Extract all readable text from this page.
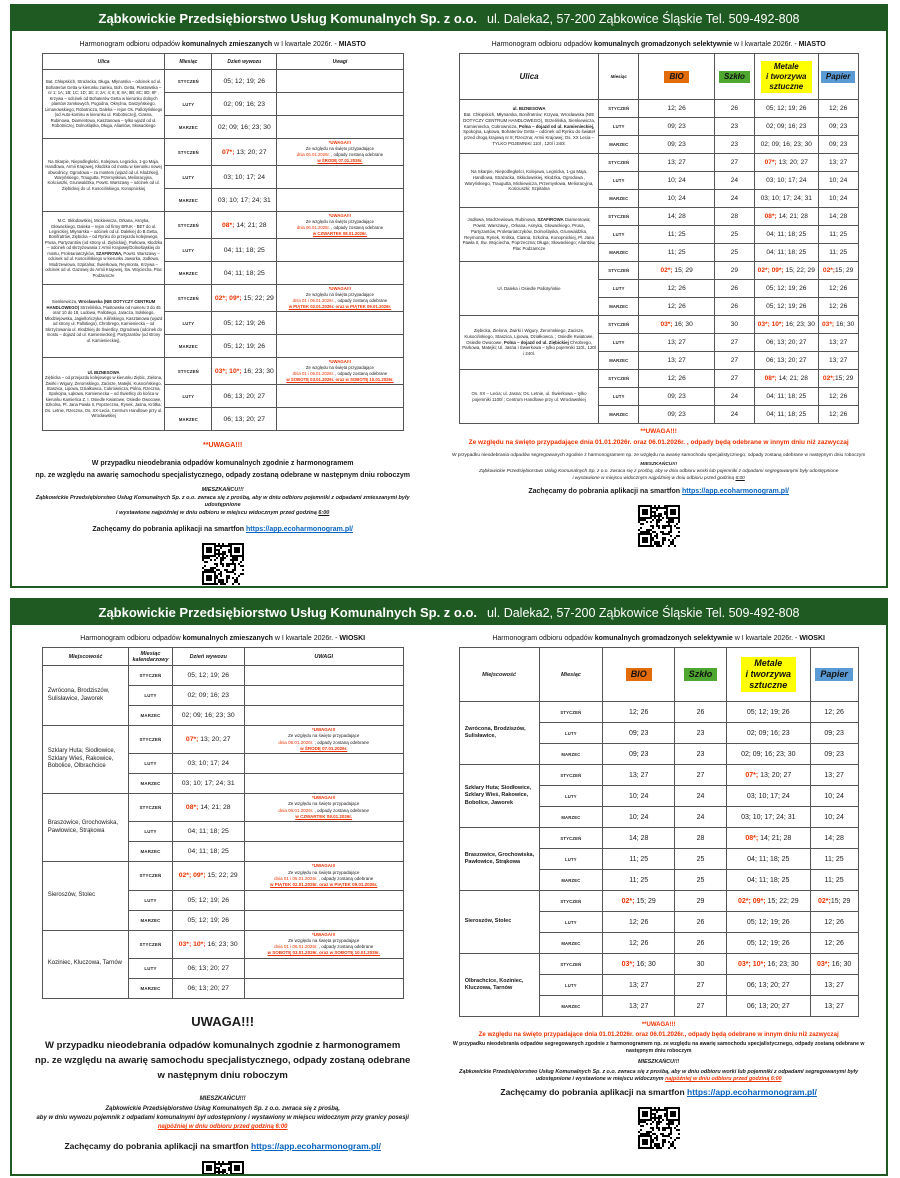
Ząbkowickie Przedsiębiorstwo Usług Komunalnych Sp. z o.o. ul. Daleka2, 57-200 Ząbkowice Śląskie Tel. 509-492-808

Harmonogram odbioru odpadów komunalnych zmieszanych w I kwartale 2026r. - MIASTO

Ulica	Miesiąc	Dzień wywozu	Uwagi
Bat. Chłopskich, Strażacka, Długa, Młynarska – odcinek od ul. Bohaterów Getta w kierunku zamku, Boh. Getta, Piastowska – nr 1; 1A; 1B; 1C; 1D; 1E; 2; 2A; 4; 6; 8; 8A; 8B; 8C; 8D; 8F , Krzywa – odcinek od Bohaterów Getta w kierunku dolnych plantów zamkowych, Pogodna, Okrężna, Daszyńskiego, Limanowskiego, Robotnicza, Daleka – rejon Os. Pallotyńskiego (od Auto-komisu w kierunku ul. Robotniczej), Ciasna, Rubinowa, Diamentowa, Kasztanowa – tylko wjazd od ul. Robotniczej, Dolnośląska, Długa, Aliantów, Słowackiego	STYCZEŃ	05; 12; 19; 26	
	LUTY	02; 09; 16; 23	
	MARZEC	02; 09; 16; 23; 30	
Na Skarpie, Niepodległości, Kolejowa, Legnicka, 1-go Maja, Handlowa, Armii Krajowej, Kłodzka od mostu w kierunku nowej obwodnicy, Ogrodowa – za mostem (wjazd od ul. Kłodzkiej), Waryńskiego, Traugutta, Przemysłowa, Melioracyjna, Kościuszki, Grunwaldzka, Powst. Warszawy – odcinek od ul. Ziębickiej do ul. Kusocińskiego, Konopnickiej	STYCZEŃ	07*; 13; 20; 27	
*UWAGA!!!
Ze względu na święto przypadające
dnia 06.01.2026r. , odpady zostaną odebrane
w ŚRODĘ 07.01.2026r.

	LUTY	03; 10; 17; 24	
	MARZEC	03; 10; 17; 24; 31	
M.C. Skłodowskiej, Mickiewicza, Orkana, Asnyka, Głowackiego, Daleka – rejon od firmy BRUK - BET do ul. Legnickiej, Młynarska – odcinek od ul. Dalekiej do B.Getta, Bonifratrów, Ziębicka – od Rynku do przejazdu kolejowego, Prusa, Partyzantów (od strony ul. Ziębickiej), Parkowa, Kłodzka – odcinek od skrzyżowania z Armii Krajowej/Dolnośląskiej do mostu, Proletariatczyków, SZAFIROWA, Powst. Warszawy – odcinek od ul. Kusocińskiego w kierunku Jaworka, Jodłowa, Modrzewiowa, Szpitalna; Świerkowa, Reymonta, Krzywa – odcinek od ul. Gazowej do Armii Krajowej, Św. Wojciecha, Plac Podzamcze	STYCZEŃ	08*; 14; 21; 28	
*UWAGA!!!
Ze względu na święto przypadające
dnia 06.01.2026r. , odpady zostaną odebrane
w CZWARTEK 08.01.2026r.

	LUTY	04; 11; 18; 25	
	MARZEC	04; 11; 18; 25	
Sienkiewicza, Wrocławska (NIE DOTYCZY CENTRUM HANDLOWEGO) Strzelińska, Piastowska od numeru 3 do 45 oraz 10 do 18, Ludowa, Pallotiego, Jaracza, Solskiego, Młodziejowska, Jagiellończyka, Kilińskiego, Kasztanowa (wjazd od strony ul. Pallotiego), Chrobrego, Kamieniecka – od Skrzyżowania ul. Kłodzkiej do Świetlicy, Ogrodowa (odcinek do mostu – dojazd od ul. Kamienieckiej), Partyzantów (od strony ul. Kamienieckiej),	STYCZEŃ	02*; 09*; 15; 22; 29	
*UWAGA!!!
Ze względu na święta przypadające
dnia 01 i 06.01.2026r. , odpady zostaną odebrane
w PIĄTEK 02.01.2026r. oraz w PIĄTEK 09.01.2026r.

	LUTY	05; 12; 19; 26	
	MARZEC	05; 12; 19; 26	
Ul. BIZNESOWA
Ziębicka – od przejazdu kolejowego w kierunku Ziębic, Zielona, Żwirki i Wigury, Żeromskiego, Zacisze, Matejki, Kusocińskiego, Staszica, Lipowa, Działkowca, Cukrownicza, Polna, Rzeczna, Spokojna, Łąkowa, Kamieniecka – od Świetlicy do końca w kierunku Kamieńca Z. I, Osiedle Kwiatowe, Osiedle Owocowe, Szkolna, Pl. Jana Pawła II, Poprzeczna, Rynek, Jasna, Krótka; Os. Letnie, Rzeczna, Os. XX-Lecia, Centrum Handlowe przy ul. Wrocławskiej	STYCZEŃ	03*; 10*; 16; 23; 30	
*UWAGA!!!
Ze względu na święta przypadające
dnia 01 i 06.01.2026r. , odpady zostaną odebrane
w SOBOTĘ 03.01.2026r. oraz w SOBOTĘ 10.01.2026r.

	LUTY	06; 13; 20; 27	
	MARZEC	06; 13; 20; 27	
**UWAGA!!!
W przypadku nieodebrania odpadów komunalnych zgodnie z harmonogramem
np. ze względu na awarię samochodu specjalistycznego, odpady zostaną odebrane w następnym dniu roboczym
MIESZKAŃCU!!!
Ząbkowickie Przedsiębiorstwo Usług Komunalnych Sp. z o.o. zwraca się z prośbą, aby w dniu odbioru pojemniki z odpadami zmieszanymi były udostępnione
i wystawione najpóźniej w dniu odbioru w miejscu widocznym przed godziną 6:00
Zachęcamy do pobrania aplikacji na smartfon https://app.ecoharmonogram.pl/

Harmonogram odbioru odpadów komunalnych gromadzonych selektywnie w I kwartale 2026r. - MIASTO

Ulica	Miesiąc	BIO	Szkło	Metale
i tworzywa
sztuczne	Papier
ul. BIZNESOWA
Bat. Chłopskich, Młynarska, Bonifratrów; Krzywa, Wrocławska (NIE DOTYCZY CENTRUM HANDLOWEGO), Strzelińska, Sienkiewicza, Kamieniecka, Cukrownicza, Polna – dojazd od ul. Kamienieckiej, Spokojna, Łąkowa, Bohaterów Getta – odcinek od Rynku do świateł przed drogą krajową nr 8; Rzeczna; Armii Krajowej; Os. XX Lecia – TYLKO POJEMNIKI 110l , 120l i 240l.	STYCZEŃ	12; 26	26	05; 12; 19; 26	12; 26
	LUTY	09; 23	23	02; 09; 16; 23	09; 23
	MARZEC	09; 23	23	02; 09; 16; 23; 30	09; 23
Na Skarpie, Niepodległości, Kolejowa, Legnicka, 1-go Maja, Handlowa, Strażacka, Skłodowskiej, Kłodzka, Ogrodowa , Waryńskiego, Traugutta, Mickiewicza, Przemysłowa, Melioracyjna, Kościuszki; Szpitalna	STYCZEŃ	13; 27	27	07*; 13; 20; 27	13; 27
	LUTY	10; 24	24	03; 10; 17; 24	10; 24
	MARZEC	10; 24	24	03; 10; 17; 24; 31	10; 24
Jodłowa, Modrzewiowa, Rubinowa, SZAFIROWA Diamentowa; Powst. Warszawy,, Orkana, Asnyka, Głowackiego, Prusa, Partyzantów, Proletariatczyków, Dolnośląska, Grunwaldzka, Reymonta, Rynek, Krótka, Ciasna, Szkolna, Konopnickiej, Pl. Jana Pawła II, Św. Wojciecha, Poprzeczna; Długa; Słowackiego; Aliantów, Plac Podzamcze	STYCZEŃ	14; 28	28	08*; 14; 21; 28	14; 28
	LUTY	11; 25	25	04; 11; 18; 25	11; 25
	MARZEC	11; 25	25	04; 11; 18; 25	11; 25
Ul. Daleka i Osiedle Pallotyńskie	STYCZEŃ	02*; 15; 29	29	02*; 09*; 15; 22; 29	02*;15; 29
	LUTY	12; 26	26	05; 12; 19; 26	12; 26
	MARZEC	12; 26	26	05; 12; 19; 26	12; 26
Ziębicka, Zielona, Żwirki i Wigury, Żeromskiego, Zacisze, Kusocińskiego, Staszica, Lipowa, Działkowca, ; Osiedle Kwiatowe, Osiedle Owocowe, Polna – dojazd od ul. Ziębickiej Chrobrego, Parkowa, Matejki; Ul. Jasna i Świerkowa – tylko pojemniki 110l., 120l i 240l.	STYCZEŃ	03*; 16; 30	30	03*; 10*; 16; 23; 30	03*; 16; 30
	LUTY	13; 27	27	06; 13; 20; 27	13; 27
	MARZEC	13; 27	27	06; 13; 20; 27	13; 27
Os. XX – Lecia; ul. Jasna; Os. Letnie, ul. Świerkowa – tylko pojemniki 1100l ; Centrum Handlowe przy ul. Wrocławskiej	STYCZEŃ	12; 26	27	08*; 14; 21; 28	02*;15; 29
	LUTY	09; 23	24	04; 11; 18; 25	12; 26
	MARZEC	09; 23	24	04; 11; 18; 25	12; 26
**UWAGA!!!
Ze względu na święto przypadające dnia 01.01.2026r. oraz 06.01.2026r. , odpady będą odebrane w innym dniu niż zazwyczaj
W przypadku nieodebrania odpadów segregowanych zgodnie z harmonogramem np. ze względu na awarię samochodu specjalistycznego, odpady zostaną odebrane w następnym dniu roboczym
MIESZKAŃCU!!!
Ząbkowickie Przedsiębiorstwo Usług Komunalnych Sp. z o.o. zwraca się z prośbą, aby w dniu odbioru worki lub pojemniki z odpadami segregowanymi były udostępnione
i wystawione w miejscu widocznym najpóźniej w dniu odbioru przed godziną 6:00
Zachęcamy do pobrania aplikacji na smartfon https://app.ecoharmonogram.pl/
Ząbkowickie Przedsiębiorstwo Usług Komunalnych Sp. z o.o. ul. Daleka2, 57-200 Ząbkowice Śląskie Tel. 509-492-808

Harmonogram odbioru odpadów komunalnych zmieszanych w I kwartale 2026r. - WIOSKI

Miejscowość	Miesiąc
kalendarzowy	Dzień wywozu	UWAGI
Zwrócona, Brodziszów, Sulisławice, Jaworek	STYCZEŃ	05; 12; 19; 26	
	LUTY	02; 09; 16; 23	
	MARZEC	02; 09; 16; 23; 30	
Szklary Huta; Siodłowice, Szklary Wieś, Rakowice, Bobolice, Olbrachcice	STYCZEŃ	07*; 13; 20; 27	*UWAGA!!!
Ze względu na święto przypadające
dnia 06.01.2026r. , odpady zostaną odebrane
w ŚRODĘ 07.01.2026r.

	LUTY	03; 10; 17; 24	
	MARZEC	03; 10; 17; 24; 31	
Braszowice, Grochowiska, Pawłowice, Strąkowa	STYCZEŃ	08*; 14; 21; 28	*UWAGA!!!
Ze względu na święto przypadające
dnia 06.01.2026r. , odpady zostaną odebrane
w CZWARTEK 08.01.2026r.

	LUTY	04; 11; 18; 25	
	MARZEC	04; 11; 18; 25	
Sieroszów, Stolec	STYCZEŃ	02*; 09*; 15; 22; 29	*UWAGA!!!
Ze względu na święta przypadające
dnia 01 i 06.01.2026r. , odpady zostaną odebrane
w PIĄTEK 02.01.2026r. oraz w PIĄTEK 09.01.2026r.

	LUTY	05; 12; 19; 26	
	MARZEC	05; 12; 19; 26	
Koziniec, Kluczowa, Tarnów	STYCZEŃ	03*; 10*; 16; 23; 30	*UWAGA!!!
Ze względu na święta przypadające
dnia 01 i 06.01.2026r. , odpady zostaną odebrane
w SOBOTĘ 03.01.2026r. oraz w SOBOTĘ 10.01.2026r.

	LUTY	06; 13; 20; 27	
	MARZEC	06; 13; 20; 27	
UWAGA!!!
W przypadku nieodebrania odpadów komunalnych zgodnie z harmonogramem
np. ze względu na awarię samochodu specjalistycznego, odpady zostaną odebrane
w następnym dniu roboczym
MIESZKAŃCU!!!
Ząbkowickie Przedsiębiorstwo Usług Komunalnych Sp. z o.o. zwraca się z prośbą,
aby w dniu wywozu pojemnik z odpadami komunalnymi był udostępniony i wystawiony w miejscu widocznym przy granicy posesji
najpóźniej w dniu odbioru przed godziną 6:00
Zachęcamy do pobrania aplikacji na smartfon https://app.ecoharmonogram.pl/

Harmonogram odbioru odpadów komunalnych gromadzonych selektywnie w I kwartale 2026r. - WIOSKI

Miejscowość	Miesiąc	BIO	Szkło	Metale
i tworzywa
sztuczne	Papier
Zwrócona, Brodziszów, Sulisławice,	STYCZEŃ	12; 26	26	05; 12; 19; 26	12; 26
	LUTY	09; 23	23	02; 09; 16; 23	09; 23
	MARZEC	09; 23	23	02; 09; 16; 23; 30	09; 23
Szklary Huta; Siodłowice, Szklary Wieś, Rakowice, Bobolice, Jaworek	STYCZEŃ	13; 27	27	07*; 13; 20; 27	13; 27
	LUTY	10; 24	24	03; 10; 17; 24	10; 24
	MARZEC	10; 24	24	03; 10; 17; 24; 31	10; 24
Braszowice, Grochowiska, Pawłowice, Strąkowa	STYCZEŃ	14; 28	28	08*; 14; 21; 28	14; 28
	LUTY	11; 25	25	04; 11; 18; 25	11; 25
	MARZEC	11; 25	25	04; 11; 18; 25	11; 25
Sieroszów, Stolec	STYCZEŃ	02*; 15; 29	29	02*; 09*; 15; 22; 29	02*;15; 29
	LUTY	12; 26	26	05; 12; 19; 26	12; 26
	MARZEC	12; 26	26	05; 12; 19; 26	12; 26
Olbrachcice, Koziniec, Kluczowa, Tarnów	STYCZEŃ	03*; 16; 30	30	03*; 10*; 16; 23; 30	03*; 16; 30
	LUTY	13; 27	27	06; 13; 20; 27	13; 27
	MARZEC	13; 27	27	06; 13; 20; 27	13; 27
**UWAGA!!!
Ze względu na święto przypadające dnia 01.01.2026r. oraz 06.01.2026r., odpady będą odebrane w innym dniu niż zazwyczaj
W przypadku nieodebrania odpadów segregowanych zgodnie z harmonogramem np. ze względu na awarię samochodu specjalistycznego, odpady zostaną odebrane w następnym dniu roboczym
MIESZKAŃCU!!!
Ząbkowickie Przedsiębiorstwo Usług Komunalnych Sp. z o.o. zwraca się z prośbą, aby w dniu odbioru worki lub pojemniki z odpadami segregowanymi były udostępnione i wystawione w miejscu widocznym najpóźniej w dniu odbioru przed godziną 6:00
Zachęcamy do pobrania aplikacji na smartfon https://app.ecoharmonogram.pl/
